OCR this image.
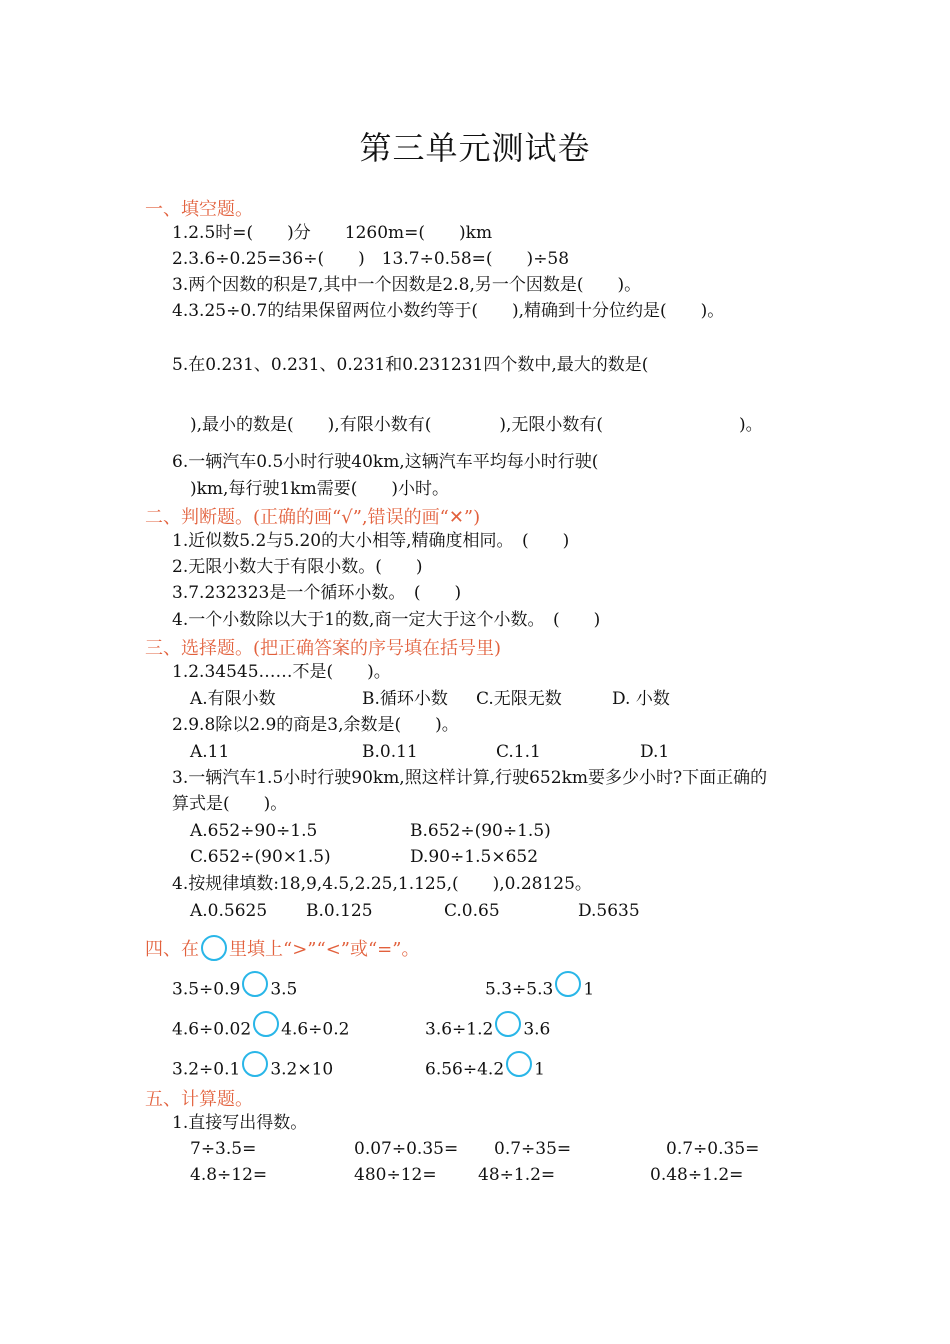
第三单元测试卷
一、填空题。
1.2.5时=(　　)分　　1260m=(　　)km
2.3.6÷0.25=36÷(　　)　13.7÷0.58=(　　)÷58
3.两个因数的积是7,其中一个因数是2.8,另一个因数是(　　)。
4.3.25÷0.7的结果保留两位小数约等于(　　),精确到十分位约是(　　)。
5.在0.231、0.231、0.231和0.231231四个数中,最大的数是(
),最小的数是(　　),有限小数有(　　　　),无限小数有(　　　　　　　　)。
6.一辆汽车0.5小时行驶40km,这辆汽车平均每小时行驶(
)km,每行驶1km需要(　　)小时。
二、判断题。(正确的画“√”,错误的画“✕”)
1.近似数5.2与5.20的大小相等,精确度相同。　(　　)
2.无限小数大于有限小数。(　　)
3.7.232323是一个循环小数。　(　　)
4.一个小数除以大于1的数,商一定大于这个小数。　(　　)
三、选择题。(把正确答案的序号填在括号里)
1.2.34545……不是(　　)。
A.有限小数	B.循环小数 C.无限无数	D. 小数
2.9.8除以2.9的商是3,余数是(　　)。
A.11	B.0.11	C.1.1	D.1
3.一辆汽车1.5小时行驶90km,照这样计算,行驶652km要多少小时?下面正确的
算式是(　　)。
A.652÷90÷1.5	B.652÷(90÷1.5)
C.652÷(90×1.5)	D.90÷1.5×652
4.按规律填数:18,9,4.5,2.25,1.125,(　　),0.28125。
A.0.5625 B.0.125	C.0.65	D.5635
四、在 里填上“>”“<”或“=”。
3.5÷0.9 3.5	5.3÷5.3 1
4.6÷0.02 4.6÷0.2	3.6÷1.2 3.6
3.2÷0.1 3.2×10	6.56÷4.2 1
五、计算题。
1.直接写出得数。
7÷3.5=	0.07÷0.35= 0.7÷35=	0.7÷0.35=
4.8÷12=	480÷12= 48÷1.2=	0.48÷1.2=
